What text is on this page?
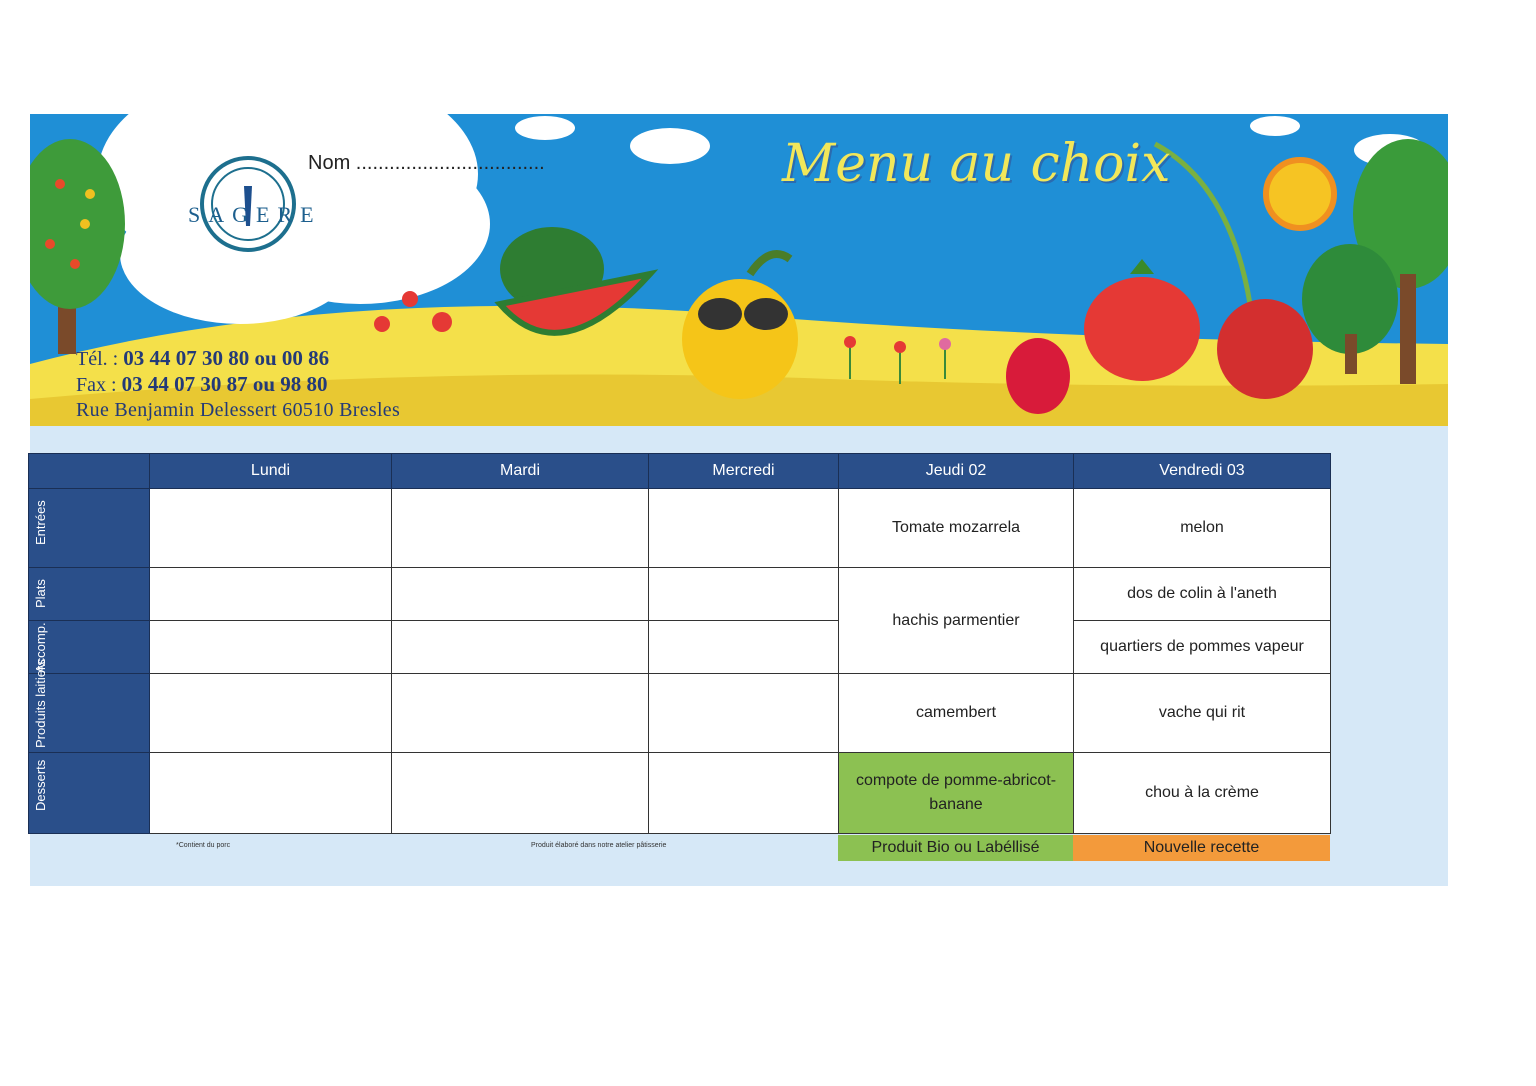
Nom ..................................
SAGERE
Menu au choix
Tél. : 03 44 07 30 80 ou 00 86
Fax : 03 44 07 30 87 ou 98 80
Rue Benjamin Delessert 60510 Bresles
	Lundi	Mardi	Mercredi	Jeudi 02	Vendredi 03

Entrées				Tomate mozarrela	melon

Plats				hachis parmentier	dos de colin à l'aneth

Accomp.					quartiers de pommes vapeur

Produits laitiers				camembert	vache qui rit

Desserts				compote de pomme-abricot-banane	chou à la crème
*Contient du porc	Produit élaboré dans notre atelier pâtisserie	Produit Bio ou Labéllisé	Nouvelle recette
